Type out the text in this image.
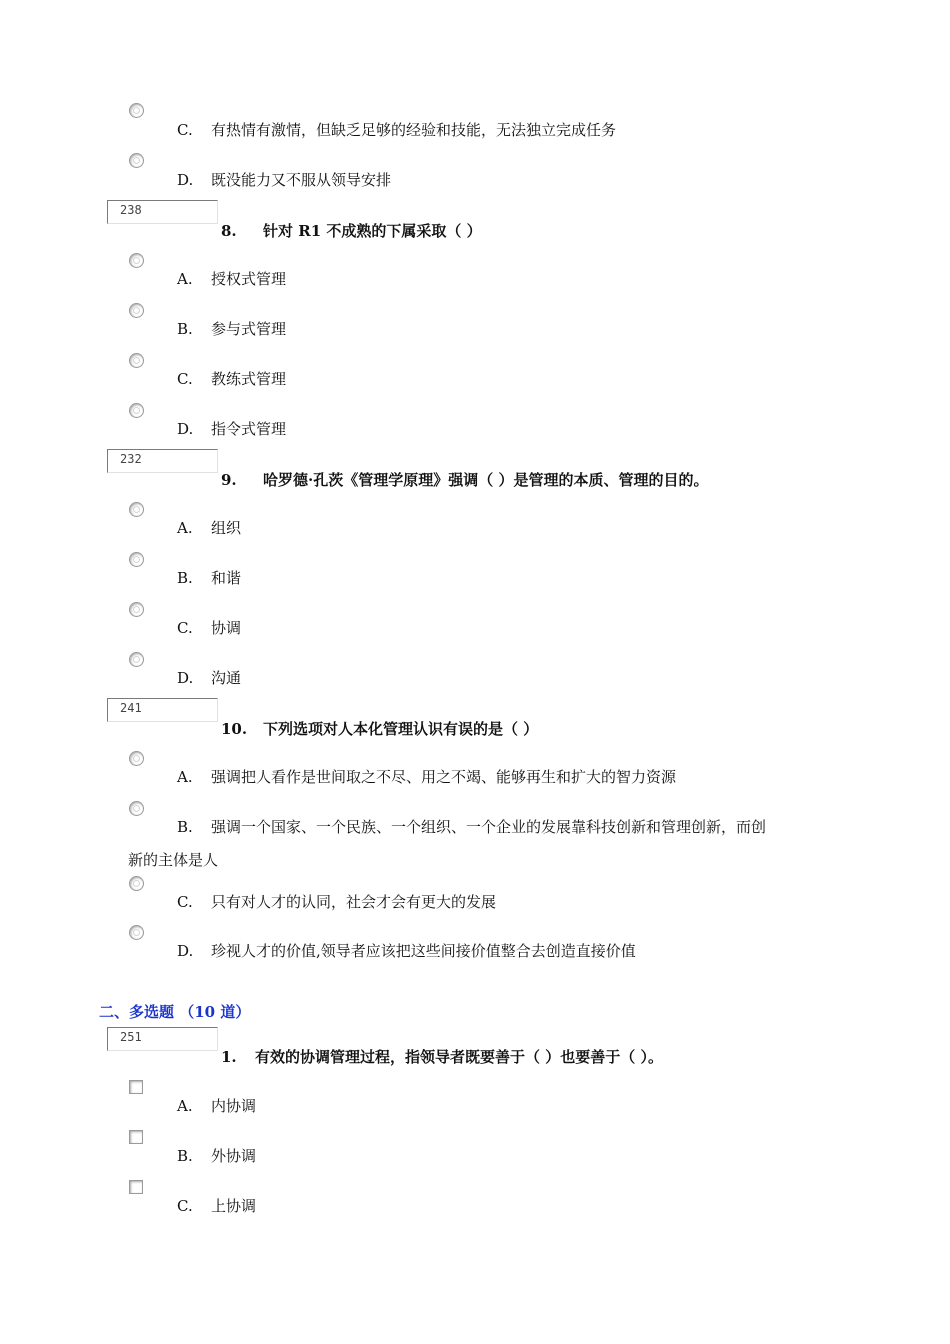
C. 有热情有激情，但缺乏足够的经验和技能，无法独立完成任务
D. 既没能力又不服从领导安排
238
8. 针对 R1 不成熟的下属采取（ ）
A. 授权式管理
B. 参与式管理
C. 教练式管理
D. 指令式管理
232
9. 哈罗德·孔茨《管理学原理》强调（ ）是管理的本质、管理的目的。
A. 组织
B. 和谐
C. 协调
D. 沟通
241
10. 下列选项对人本化管理认识有误的是（ ）
A. 强调把人看作是世间取之不尽、用之不竭、能够再生和扩大的智力资源
B. 强调一个国家、一个民族、一个组织、一个企业的发展靠科技创新和管理创新，而创
新的主体是人
C. 只有对人才的认同，社会才会有更大的发展
D. 珍视人才的价值,领导者应该把这些间接价值整合去创造直接价值
二、多选题 （10 道）
251
1. 有效的协调管理过程，指领导者既要善于（ ）也要善于（ ）。
A. 内协调
B. 外协调
C. 上协调
